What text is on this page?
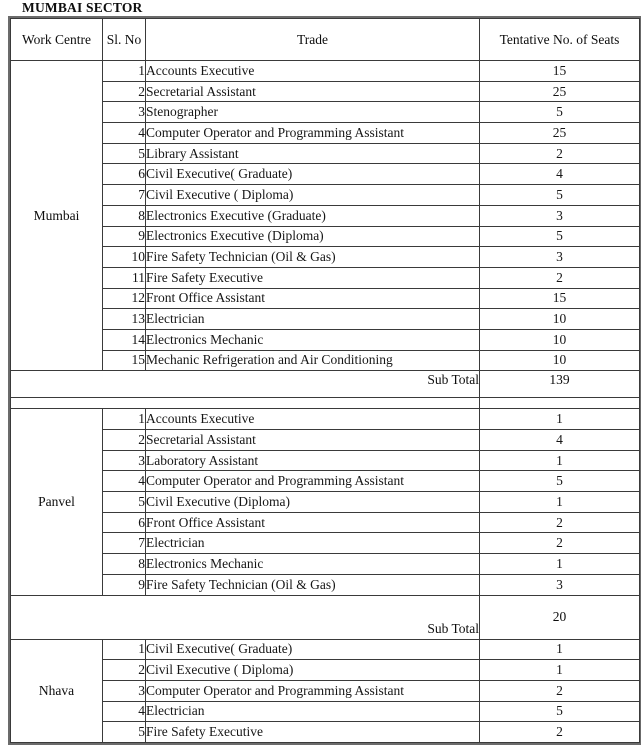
MUMBAI SECTOR
Work Centre	Sl. No	Trade	Tentative No. of Seats
Mumbai	1	Accounts Executive	15
	2	Secretarial Assistant	25
	3	Stenographer	5
	4	Computer Operator and Programming Assistant	25
	5	Library Assistant	2
	6	Civil Executive( Graduate)	4
	7	Civil Executive ( Diploma)	5
	8	Electronics Executive (Graduate)	3
	9	Electronics Executive (Diploma)	5
	10	Fire Safety Technician (Oil & Gas)	3
	11	Fire Safety Executive	2
	12	Front Office Assistant	15
	13	Electrician	10
	14	Electronics Mechanic	10
	15	Mechanic Refrigeration and Air Conditioning	10
Sub Total			139

Panvel	1	Accounts Executive	1
	2	Secretarial Assistant	4
	3	Laboratory Assistant	1
	4	Computer Operator and Programming Assistant	5
	5	Civil Executive (Diploma)	1
	6	Front Office Assistant	2
	7	Electrician	2
	8	Electronics Mechanic	1
	9	Fire Safety Technician (Oil & Gas)	3
Sub Total			20
Nhava	1	Civil Executive( Graduate)	1
	2	Civil Executive ( Diploma)	1
	3	Computer Operator and Programming Assistant	2
	4	Electrician	5
	5	Fire Safety Executive	2
